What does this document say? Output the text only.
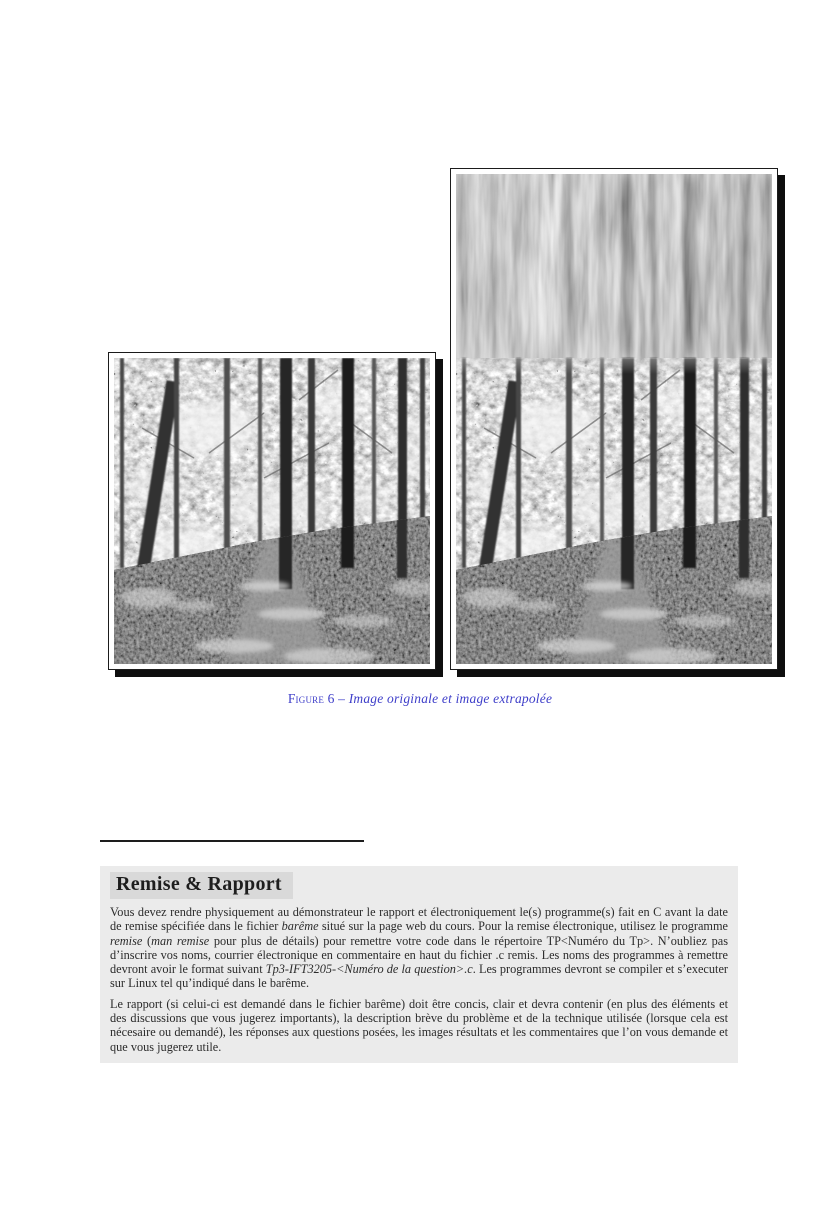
Figure 6 – Image originale et image extrapolée
Remise & Rapport

Vous devez rendre physiquement au démonstrateur le rapport et électroniquement le(s) programme(s) fait en C avant la date de remise spécifiée dans le fichier barême situé sur la page web du cours. Pour la remise électronique, utilisez le programme remise (man remise pour plus de détails) pour remettre votre code dans le répertoire TP<Numéro du Tp>. N’oubliez pas d’inscrire vos noms, courrier électronique en commentaire en haut du fichier .c remis. Les noms des programmes à remettre devront avoir le format suivant Tp3-IFT3205-<Numéro de la question>.c. Les programmes devront se compiler et s’executer sur Linux tel qu’indiqué dans le barême.

Le rapport (si celui-ci est demandé dans le fichier barême) doit être concis, clair et devra contenir (en plus des éléments et des discussions que vous jugerez importants), la description brève du problème et de la technique utilisée (lorsque cela est nécesaire ou demandé), les réponses aux questions posées, les images résultats et les commentaires que l’on vous demande et que vous jugerez utile.
